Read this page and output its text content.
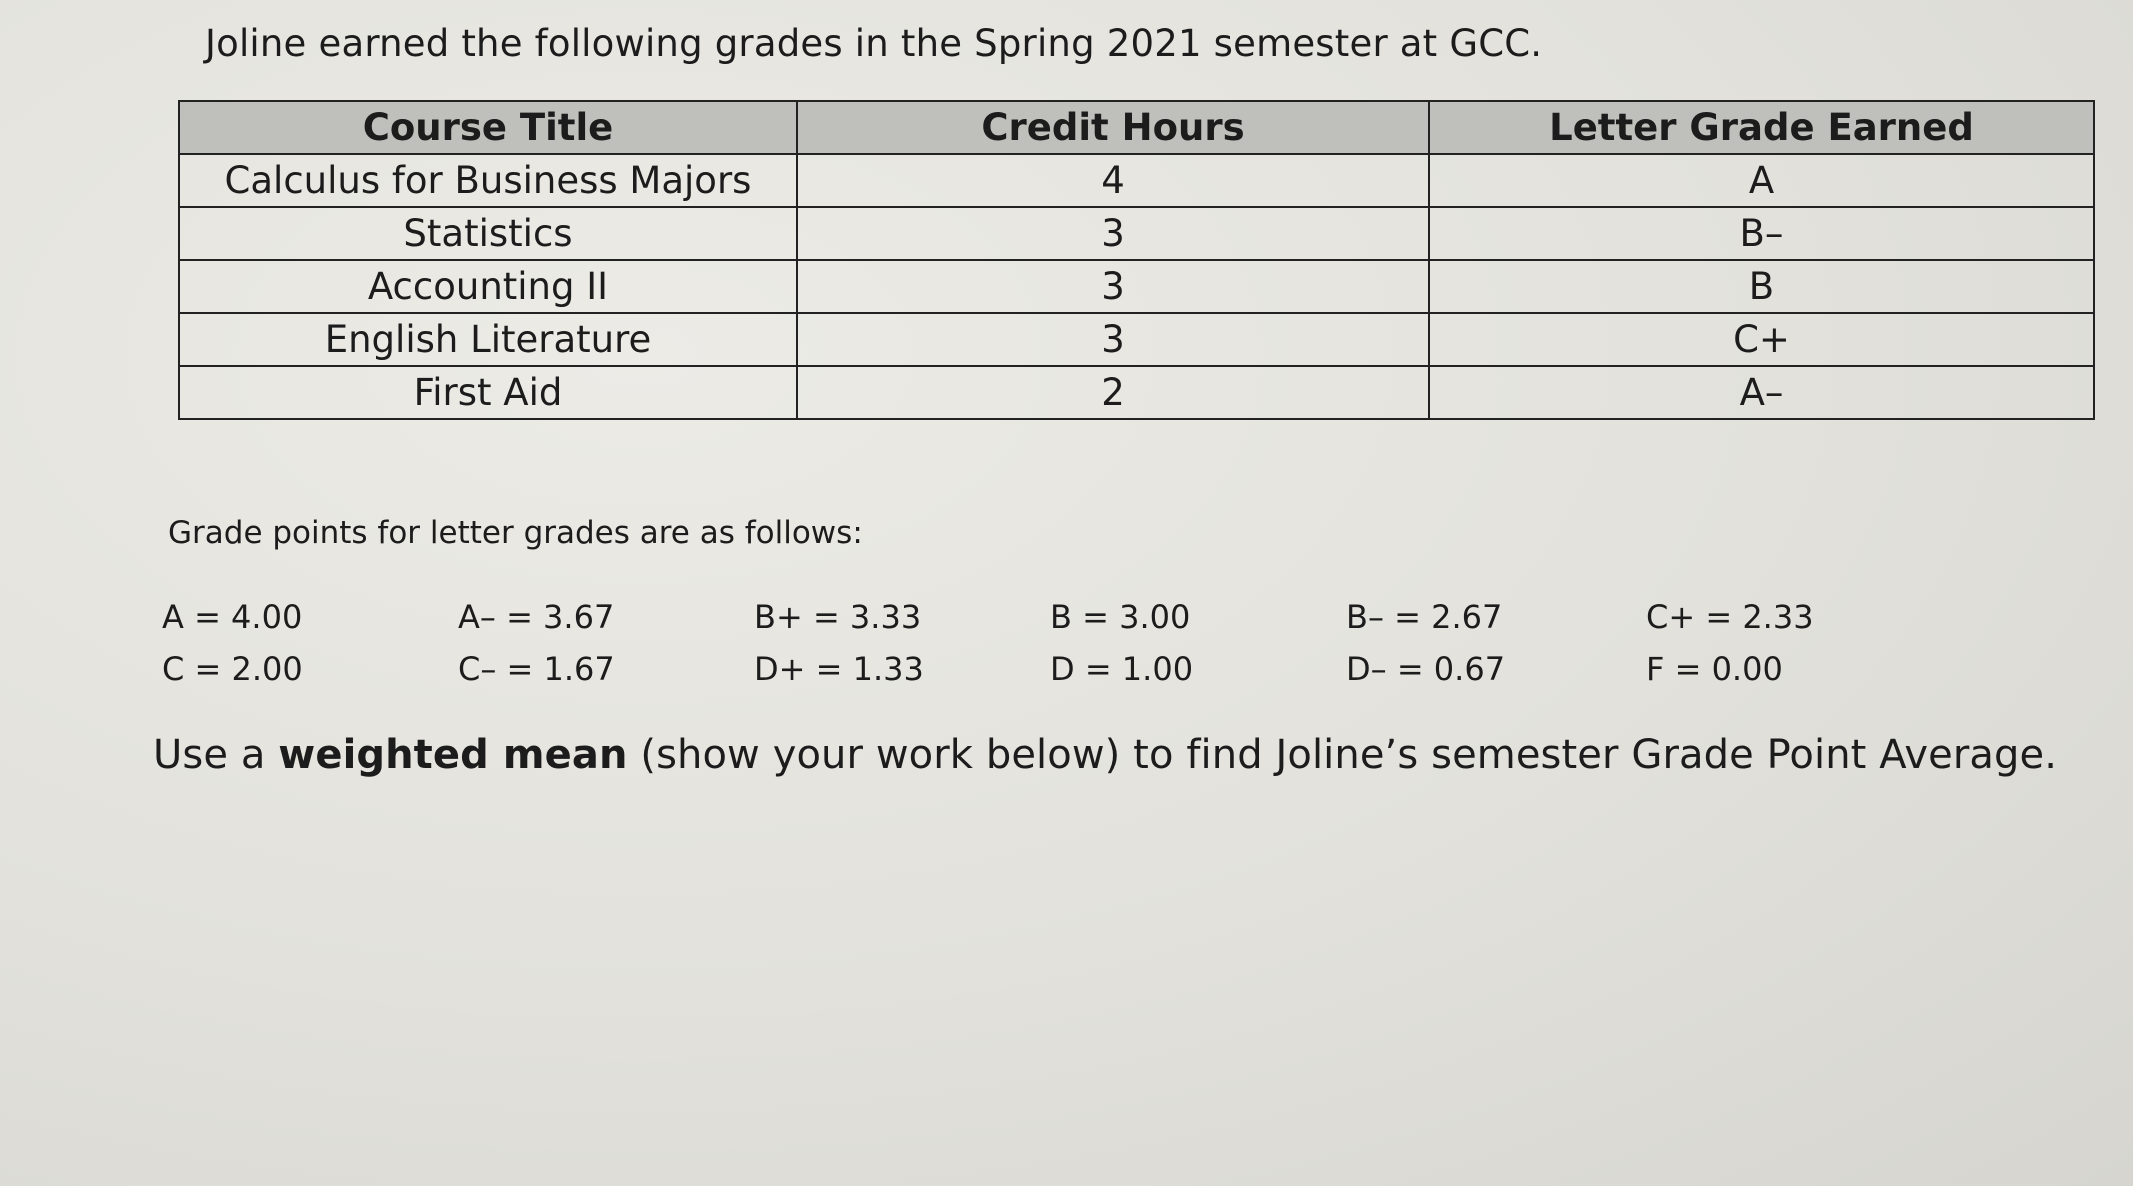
Joline earned the following grades in the Spring 2021 semester at GCC.
Course Title	Credit Hours	Letter Grade Earned
Calculus for Business Majors	4	A
Statistics	3	B–
Accounting II	3	B
English Literature	3	C+
First Aid	2	A–
Grade points for letter grades are as follows:
A = 4.00	A– = 3.67	B+ = 3.33	B = 3.00	B– = 2.67	C+ = 2.33
C = 2.00	C– = 1.67	D+ = 1.33	D = 1.00	D– = 0.67	F = 0.00
Use a weighted mean (show your work below) to find Joline’s semester Grade Point Average.
